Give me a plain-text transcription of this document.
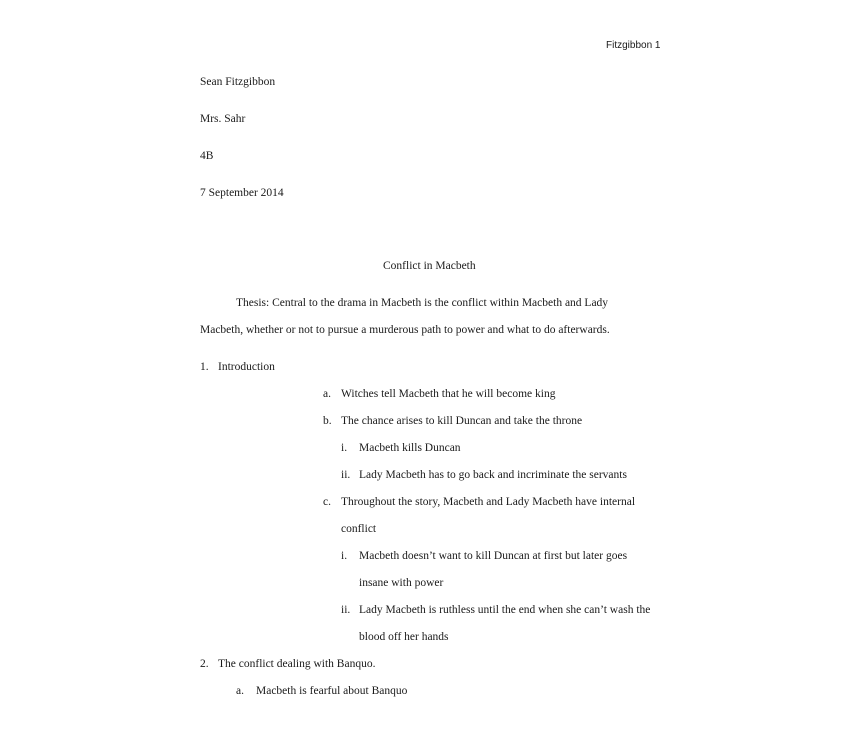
Fitzgibbon 1
Sean Fitzgibbon
Mrs. Sahr
4B
7 September 2014
Conflict in Macbeth
Thesis: Central to the drama in Macbeth is the conflict within Macbeth and Lady
Macbeth, whether or not to pursue a murderous path to power and what to do afterwards.
1. Introduction
a. Witches tell Macbeth that he will become king
b. The chance arises to kill Duncan and take the throne
i. Macbeth kills Duncan
ii. Lady Macbeth has to go back and incriminate the servants
c. Throughout the story, Macbeth and Lady Macbeth have internal
conflict
i. Macbeth doesn’t want to kill Duncan at first but later goes
insane with power
ii. Lady Macbeth is ruthless until the end when she can’t wash the
blood off her hands
2. The conflict dealing with Banquo.
a. Macbeth is fearful about Banquo
